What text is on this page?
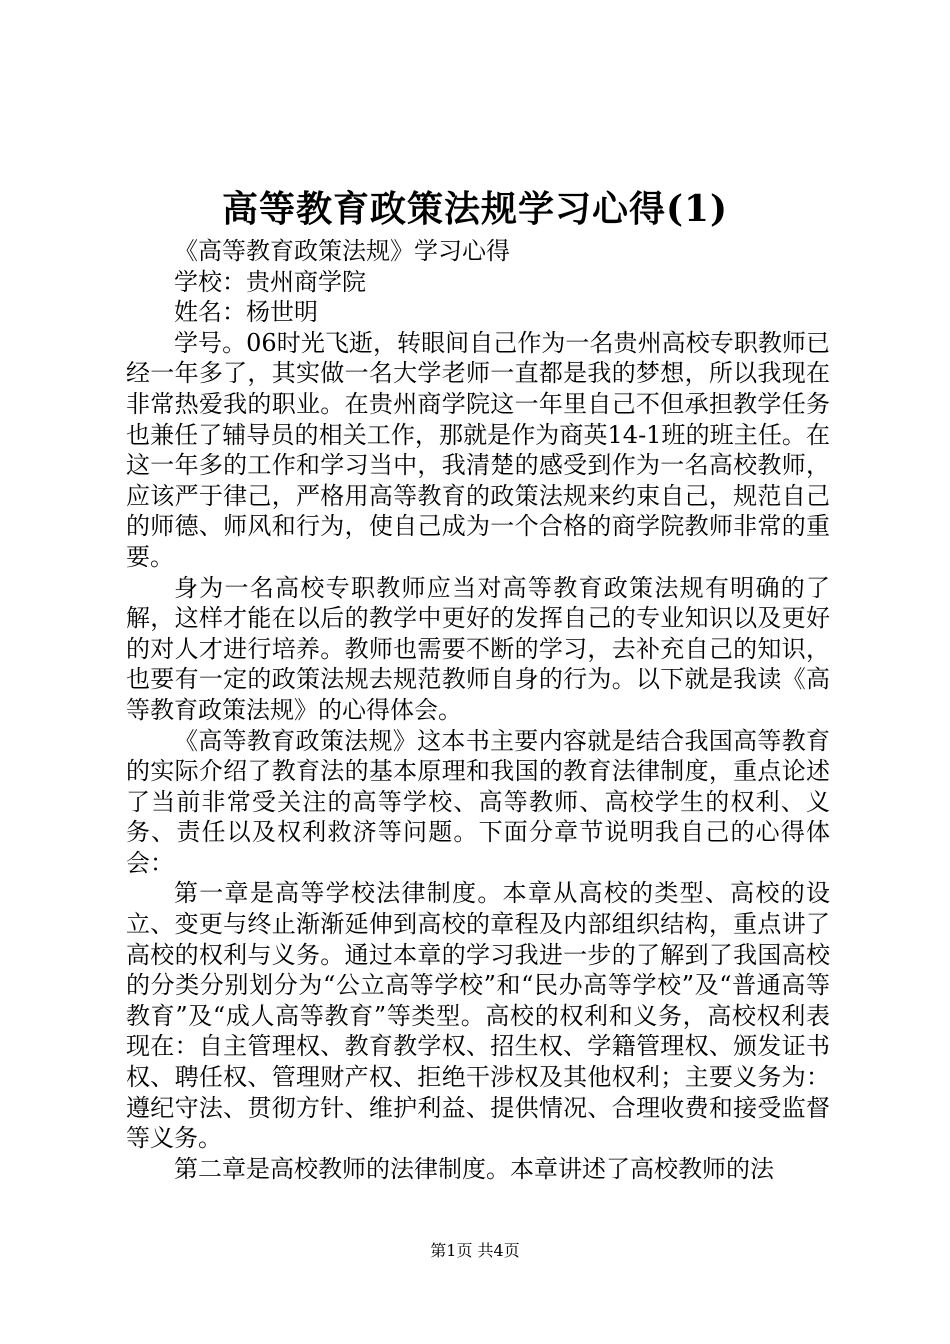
高等教育政策法规学习心得(1)

《高等教育政策法规》学习心得

学校：贵州商学院

姓名：杨世明

学号。06时光飞逝，转眼间自己作为一名贵州高校专职教师已经一年多了，其实做一名大学老师一直都是我的梦想，所以我现在非常热爱我的职业。在贵州商学院这一年里自己不但承担教学任务也兼任了辅导员的相关工作，那就是作为商英14-1班的班主任。在这一年多的工作和学习当中，我清楚的感受到作为一名高校教师，应该严于律己，严格用高等教育的政策法规来约束自己，规范自己的师德、师风和行为，使自己成为一个合格的商学院教师非常的重要。

身为一名高校专职教师应当对高等教育政策法规有明确的了解，这样才能在以后的教学中更好的发挥自己的专业知识以及更好的对人才进行培养。教师也需要不断的学习，去补充自己的知识，也要有一定的政策法规去规范教师自身的行为。以下就是我读《高等教育政策法规》的心得体会。

《高等教育政策法规》这本书主要内容就是结合我国高等教育的实际介绍了教育法的基本原理和我国的教育法律制度，重点论述了当前非常受关注的高等学校、高等教师、高校学生的权利、义务、责任以及权利救济等问题。下面分章节说明我自己的心得体会：

第一章是高等学校法律制度。本章从高校的类型、高校的设立、变更与终止渐渐延伸到高校的章程及内部组织结构，重点讲了高校的权利与义务。通过本章的学习我进一步的了解到了我国高校的分类分别划分为“公立高等学校”和“民办高等学校”及“普通高等教育”及“成人高等教育”等类型。高校的权利和义务，高校权利表现在：自主管理权、教育教学权、招生权、学籍管理权、颁发证书权、聘任权、管理财产权、拒绝干涉权及其他权利；主要义务为：遵纪守法、贯彻方针、维护利益、提供情况、合理收费和接受监督等义务。

第二章是高校教师的法律制度。本章讲述了高校教师的法

第1页 共4页
